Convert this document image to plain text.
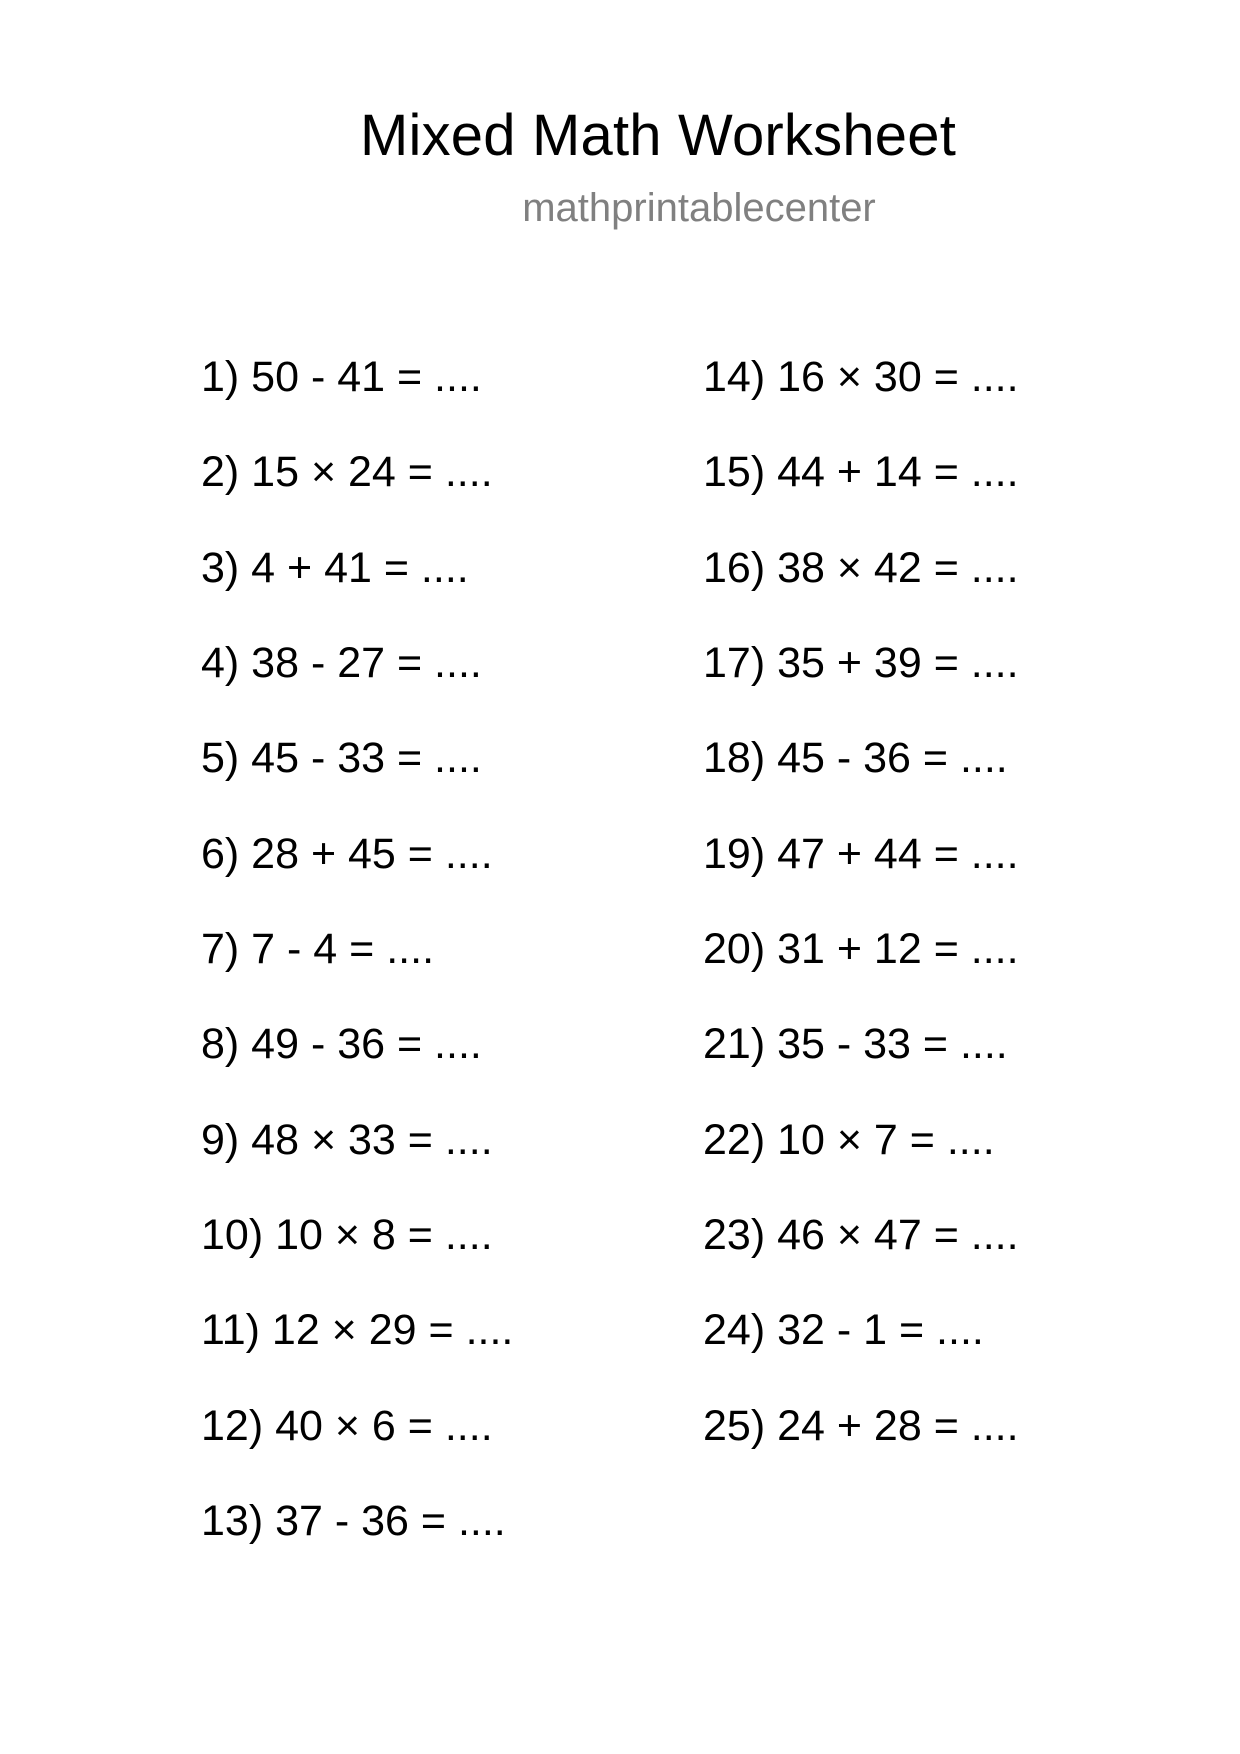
Mixed Math Worksheet
mathprintablecenter
1) 50 - 41 = ....
2) 15 × 24 = ....
3) 4 + 41 = ....
4) 38 - 27 = ....
5) 45 - 33 = ....
6) 28 + 45 = ....
7) 7 - 4 = ....
8) 49 - 36 = ....
9) 48 × 33 = ....
10) 10 × 8 = ....
11) 12 × 29 = ....
12) 40 × 6 = ....
13) 37 - 36 = ....
14) 16 × 30 = ....
15) 44 + 14 = ....
16) 38 × 42 = ....
17) 35 + 39 = ....
18) 45 - 36 = ....
19) 47 + 44 = ....
20) 31 + 12 = ....
21) 35 - 33 = ....
22) 10 × 7 = ....
23) 46 × 47 = ....
24) 32 - 1 = ....
25) 24 + 28 = ....
